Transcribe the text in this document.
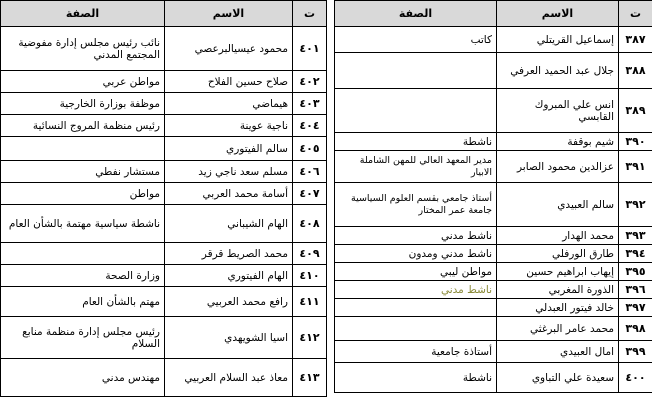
ت	الاسم	الصفة
٣٨٧	إسماعيل القريتلي	كاتب
٣٨٨	جلال عبد الحميد العرفي	
٣٨٩	انس علي المبروك القابسي	
٣٩٠	شيم بوقفة	ناشطة
٣٩١	عزالدين محمود الصابر	مدير المعهد العالي للمهن الشاملة الابيار
٣٩٢	سالم العبيدي	أستاذ جامعي بقسم العلوم السياسية جامعة عمر المختار
٣٩٣	محمد الهدار	ناشط مدني
٣٩٤	طارق الورفلي	ناشط مدني ومدون
٣٩٥	إيهاب ابراهيم حسين	مواطن ليبي
٣٩٦	الذورة المغربي	ناشط مدني
٣٩٧	خالد فيتور العبدلي	
٣٩٨	محمد عامر البرغثي	
٣٩٩	امال العبيدي	أستاذة جامعية
٤٠٠	سعيدة علي التباوي	ناشطة
ت	الاسم	الصفة
٤٠١	محمود عيسيالبرعصي	نائب رئيس مجلس إدارة مفوضية المجتمع المدني
٤٠٢	صلاح حسين الفلاح	مواطن عربي
٤٠٣	هيماضي	موظفة بوزارة الخارجية
٤٠٤	ناجية عوينة	رئيس منظمة المروج النسائية
٤٠٥	سالم الفيتوري	
٤٠٦	مسلم سعد ناجي زيد	مستشار نفطي
٤٠٧	أسامة محمد العربي	مواطن
٤٠٨	الهام الشيباني	ناشطة سياسية مهتمة بالشأن العام
٤٠٩	محمد الصريط قرقر	
٤١٠	الهام الفيتوري	وزارة الصحة
٤١١	رافع محمد العربيي	مهتم بالشأن العام
٤١٢	اسيا الشويهدي	رئيس مجلس إدارة منظمة منابع السلام
٤١٣	معاذ عبد السلام العربيي	مهندس مدني
